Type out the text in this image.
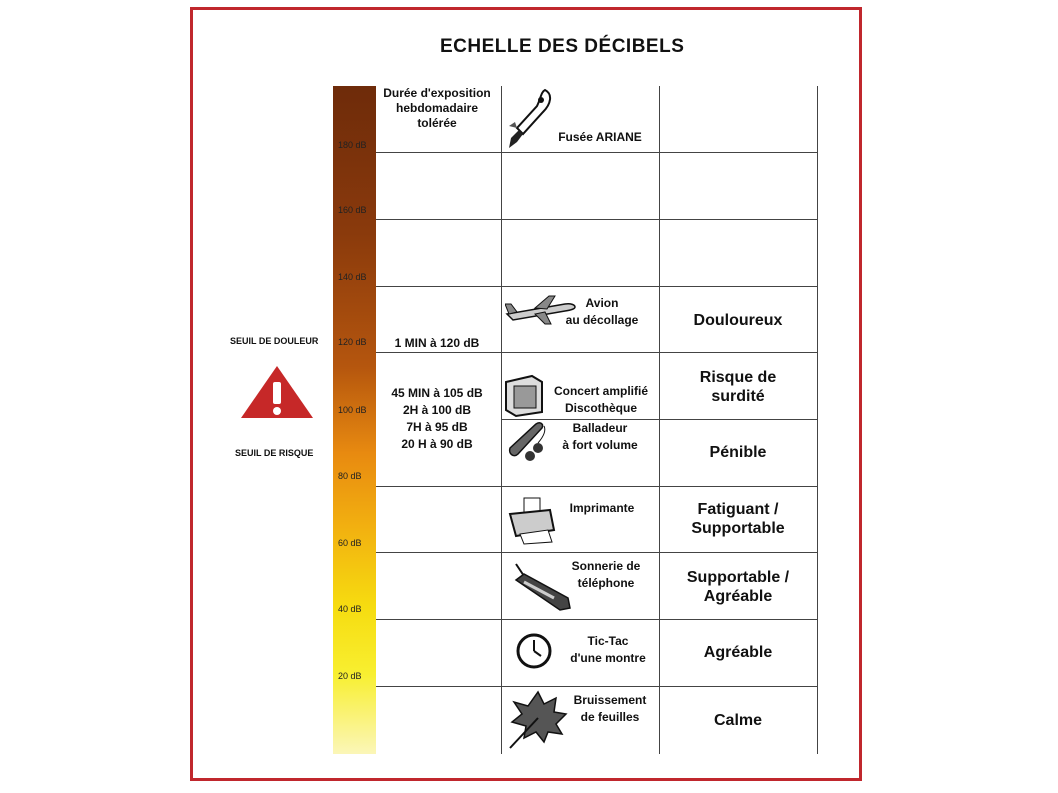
ECHELLE DES DÉCIBELS
180 dB
160 dB
140 dB
120 dB
100 dB
80 dB
60 dB
40 dB
20 dB
Durée d'exposition hebdomadaire tolérée
SEUIL DE DOULEUR
SEUIL DE RISQUE
1 MIN à 120 dB
45 MIN à 105 dB
2H à 100 dB
7H à 95 dB
20 H à 90 dB
Fusée ARIANE
Avion
au décollage
Concert amplifié
Discothèque
Balladeur
à fort volume
Imprimante
Sonnerie de
téléphone
Tic-Tac
d'une montre
Bruissement
de feuilles
Douloureux
Risque de
surdité
Pénible
Fatiguant /
Supportable
Supportable /
Agréable
Agréable
Calme
